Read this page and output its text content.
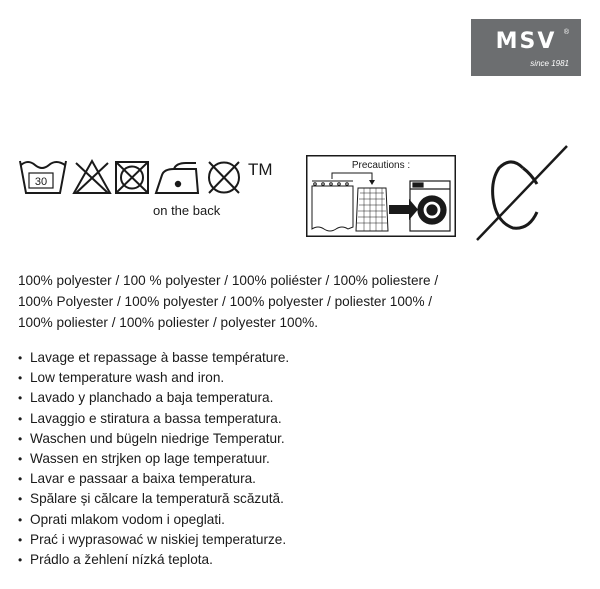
MSV	®
since 1981
30
TM
on the back
Precautions :
100% polyester / 100 % polyester / 100% poliéster / 100% poliestere /
100% Polyester / 100% polyester / 100% polyester / poliester 100% /
100% poliester / 100% poliester / polyester 100%.
• Lavage et repassage à basse température.
• Low temperature wash and iron.
• Lavado y planchado a baja temperatura.
• Lavaggio e stiratura a bassa temperatura.
• Waschen und bügeln niedrige Temperatur.
• Wassen en strjken op lage temperatuur.
• Lavar e passaar a baixa temperatura.
• Spălare și călcare la temperatură scăzută.
• Oprati mlakom vodom i opeglati.
• Prać i wyprasować w niskiej temperaturze.
• Prádlo a žehlení nízká teplota.
